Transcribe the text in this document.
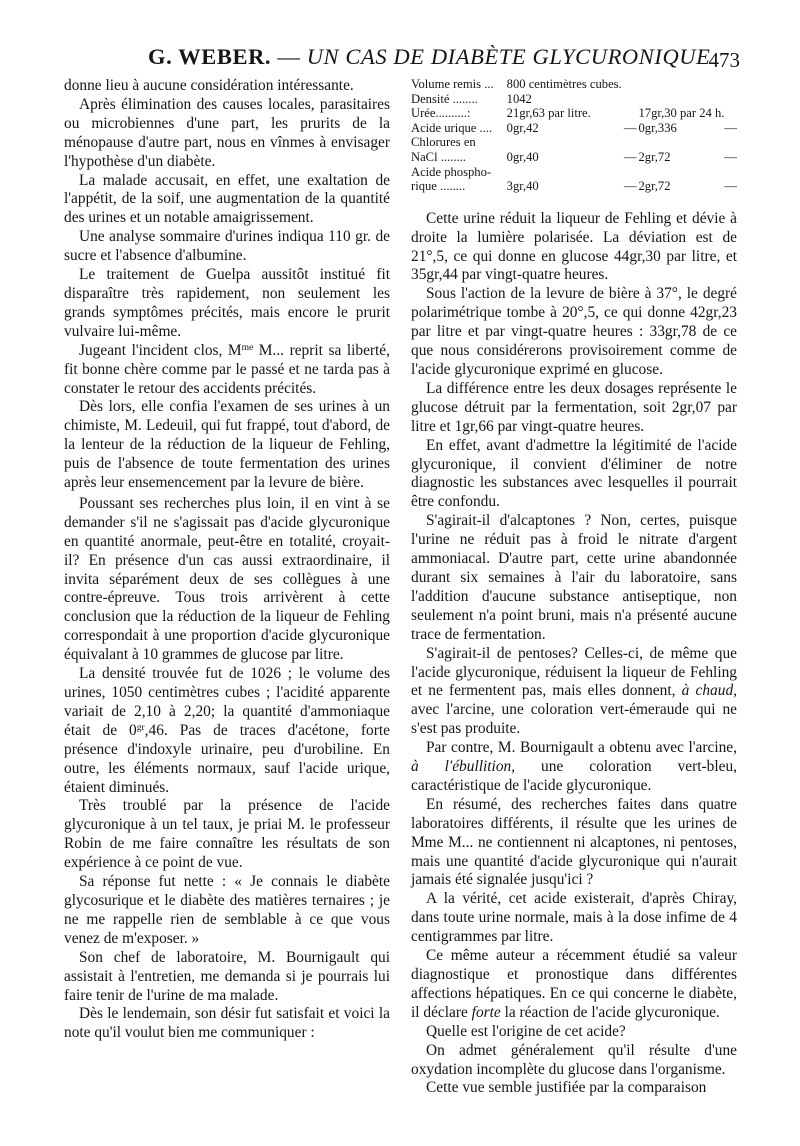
G. WEBER. — UN CAS DE DIABÈTE GLYCURONIQUE
473

donne lieu à aucune considération intéressante.

Après élimination des causes locales, parasitaires ou microbiennes d'une part, les prurits de la ménopause d'autre part, nous en vînmes à envisager l'hypothèse d'un diabète.

La malade accusait, en effet, une exaltation de l'appétit, de la soif, une augmentation de la quantité des urines et un notable amaigrissement.

Une analyse sommaire d'urines indiqua 110 gr. de sucre et l'absence d'albumine.

Le traitement de Guelpa aussitôt institué fit disparaître très rapidement, non seulement les grands symptômes précités, mais encore le prurit vulvaire lui-même.

Jugeant l'incident clos, $M^{me}$ M... reprit sa liberté, fit bonne chère comme par le passé et ne tarda pas à constater le retour des accidents précités.

Dès lors, elle confia l'examen de ses urines à un chimiste, M. Ledeuil, qui fut frappé, tout d'abord, de la lenteur de la réduction de la liqueur de Fehling, puis de l'absence de toute fermentation des urines après leur ensemencement par la levure de bière.

Poussant ses recherches plus loin, il en vint à se demander s'il ne s'agissait pas d'acide glycuronique en quantité anormale, peut-être en totalité, croyait-il? En présence d'un cas aussi extraordinaire, il invita séparément deux de ses collègues à une contre-épreuve. Tous trois arrivèrent à cette conclusion que la réduction de la liqueur de Fehling correspondait à une proportion d'acide glycuronique équivalant à 10 grammes de glucose par litre.

La densité trouvée fut de 1026 ; le volume des urines, 1050 centimètres cubes ; l'acidité apparente variait de 2,10 à 2,20; la quantité d'ammoniaque était de $0^{gr},46$. Pas de traces d'acétone, forte présence d'indoxyle urinaire, peu d'urobiline. En outre, les éléments normaux, sauf l'acide urique, étaient diminués.

Très troublé par la présence de l'acide glycuronique à un tel taux, je priai M. le professeur Robin de me faire connaître les résultats de son expérience à ce point de vue.

Sa réponse fut nette : « Je connais le diabète glycosurique et le diabète des matières ternaires ; je ne me rappelle rien de semblable à ce que vous venez de m'exposer. »

Son chef de laboratoire, M. Bournigault qui assistait à l'entretien, me demanda si je pourrais lui faire tenir de l'urine de ma malade.

Dès le lendemain, son désir fut satisfait et voici la note qu'il voulut bien me communiquer :

Volume remis ...	800 centimètres cubes.			
Densité ........	1042			
Urée..........:	21gr,63 par litre.		17gr,30 par 24 h.	
Acide urique ....	0gr,42	—	0gr,336	—
Chlorures en				
NaCl ........	0gr,40	—	2gr,72	—
Acide phospho-				
rique ........	3gr,40	—	2gr,72	—

Cette urine réduit la liqueur de Fehling et dévie à droite la lumière polarisée. La déviation est de 21°,5, ce qui donne en glucose 44gr,30 par litre, et 35gr,44 par vingt-quatre heures.

Sous l'action de la levure de bière à 37°, le degré polarimétrique tombe à 20°,5, ce qui donne 42gr,23 par litre et par vingt-quatre heures : 33gr,78 de ce que nous considérerons provisoirement comme de l'acide glycuronique exprimé en glucose.

La différence entre les deux dosages représente le glucose détruit par la fermentation, soit 2gr,07 par litre et 1gr,66 par vingt-quatre heures.

En effet, avant d'admettre la légitimité de l'acide glycuronique, il convient d'éliminer de notre diagnostic les substances avec lesquelles il pourrait être confondu.

S'agirait-il d'alcaptones ? Non, certes, puisque l'urine ne réduit pas à froid le nitrate d'argent ammoniacal. D'autre part, cette urine abandonnée durant six semaines à l'air du laboratoire, sans l'addition d'aucune substance antiseptique, non seulement n'a point bruni, mais n'a présenté aucune trace de fermentation.

S'agirait-il de pentoses? Celles-ci, de même que l'acide glycuronique, réduisent la liqueur de Fehling et ne fermentent pas, mais elles donnent, à chaud, avec l'arcine, une coloration vert-émeraude qui ne s'est pas produite.

Par contre, M. Bournigault a obtenu avec l'arcine, à l'ébullition, une coloration vert-bleu, caractéristique de l'acide glycuronique.

En résumé, des recherches faites dans quatre laboratoires différents, il résulte que les urines de Mme M... ne contiennent ni alcaptones, ni pentoses, mais une quantité d'acide glycuronique qui n'aurait jamais été signalée jusqu'ici ?

A la vérité, cet acide existerait, d'après Chiray, dans toute urine normale, mais à la dose infime de 4 centigrammes par litre.

Ce même auteur a récemment étudié sa valeur diagnostique et pronostique dans différentes affections hépatiques. En ce qui concerne le diabète, il déclare forte la réaction de l'acide glycuronique.

Quelle est l'origine de cet acide?

On admet généralement qu'il résulte d'une oxydation incomplète du glucose dans l'organisme.

Cette vue semble justifiée par la comparaison
